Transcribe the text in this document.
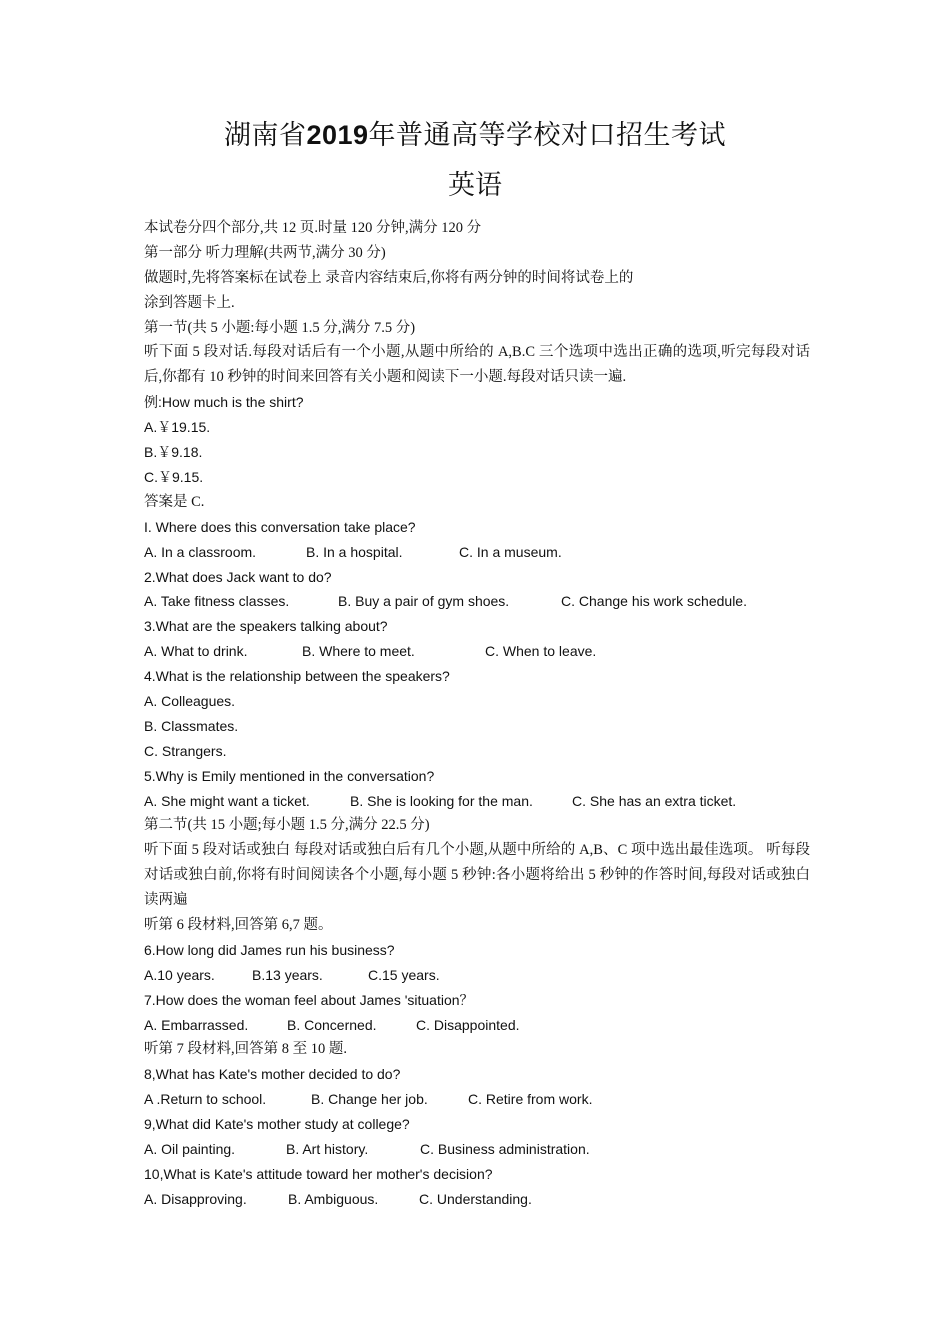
湖南省2019年普通高等学校对口招生考试
英语
本试卷分四个部分,共 12 页.时量 120 分钟,满分 120 分
第一部分 听力理解(共两节,满分 30 分)
做题时,先将答案标在试卷上 录音内容结束后,你将有两分钟的时间将试卷上的
涂到答题卡上.
第一节(共 5 小题:每小题 1.5 分,满分 7.5 分)
听下面 5 段对话.每段对话后有一个小题,从题中所给的 A,B.C 三个选项中选出正确的选项,听完每段对话后,你都有 10 秒钟的时间来回答有关小题和阅读下一小题.每段对话只读一遍.
例:How much is the shirt?
A.￥19.15.
B.￥9.18.
C.￥9.15.
答案是 C.
I. Where does this conversation take place?
A. In a classroom.	B. In a hospital.	C. In a museum.
2.What does Jack want to do?
A. Take fitness classes.	B. Buy a pair of gym shoes.	C. Change his work schedule.
3.What are the speakers talking about?
A. What to drink.	B. Where to meet.	C. When to leave.
4.What is the relationship between the speakers?
A. Colleagues.
B. Classmates.
C. Strangers.
5.Why is Emily mentioned in the conversation?
A. She might want a ticket.	B. She is looking for the man.	C. She has an extra ticket.
第二节(共 15 小题;每小题 1.5 分,满分 22.5 分)
听下面 5 段对话或独白 每段对话或独白后有几个小题,从题中所给的 A,B、C 项中选出最佳选项。 听每段对话或独白前,你将有时间阅读各个小题,每小题 5 秒钟:各小题将给出 5 秒钟的作答时间,每段对话或独白读两遍
听第 6 段材料,回答第 6,7 题。
6.How long did James run his business?
A.10 years.	B.13 years.	C.15 years.
7.How does the woman feel about James 'situation？
A. Embarrassed.	B. Concerned.	C. Disappointed.
听第 7 段材料,回答第 8 至 10 题.
8,What has Kate's mother decided to do?
A .Return to school.	B. Change her job.	C. Retire from work.
9,What did Kate's mother study at college?
A. Oil painting.	B. Art history.	C. Business administration.
10,What is Kate's attitude toward her mother's decision?
A. Disapproving.	B. Ambiguous.	C. Understanding.
